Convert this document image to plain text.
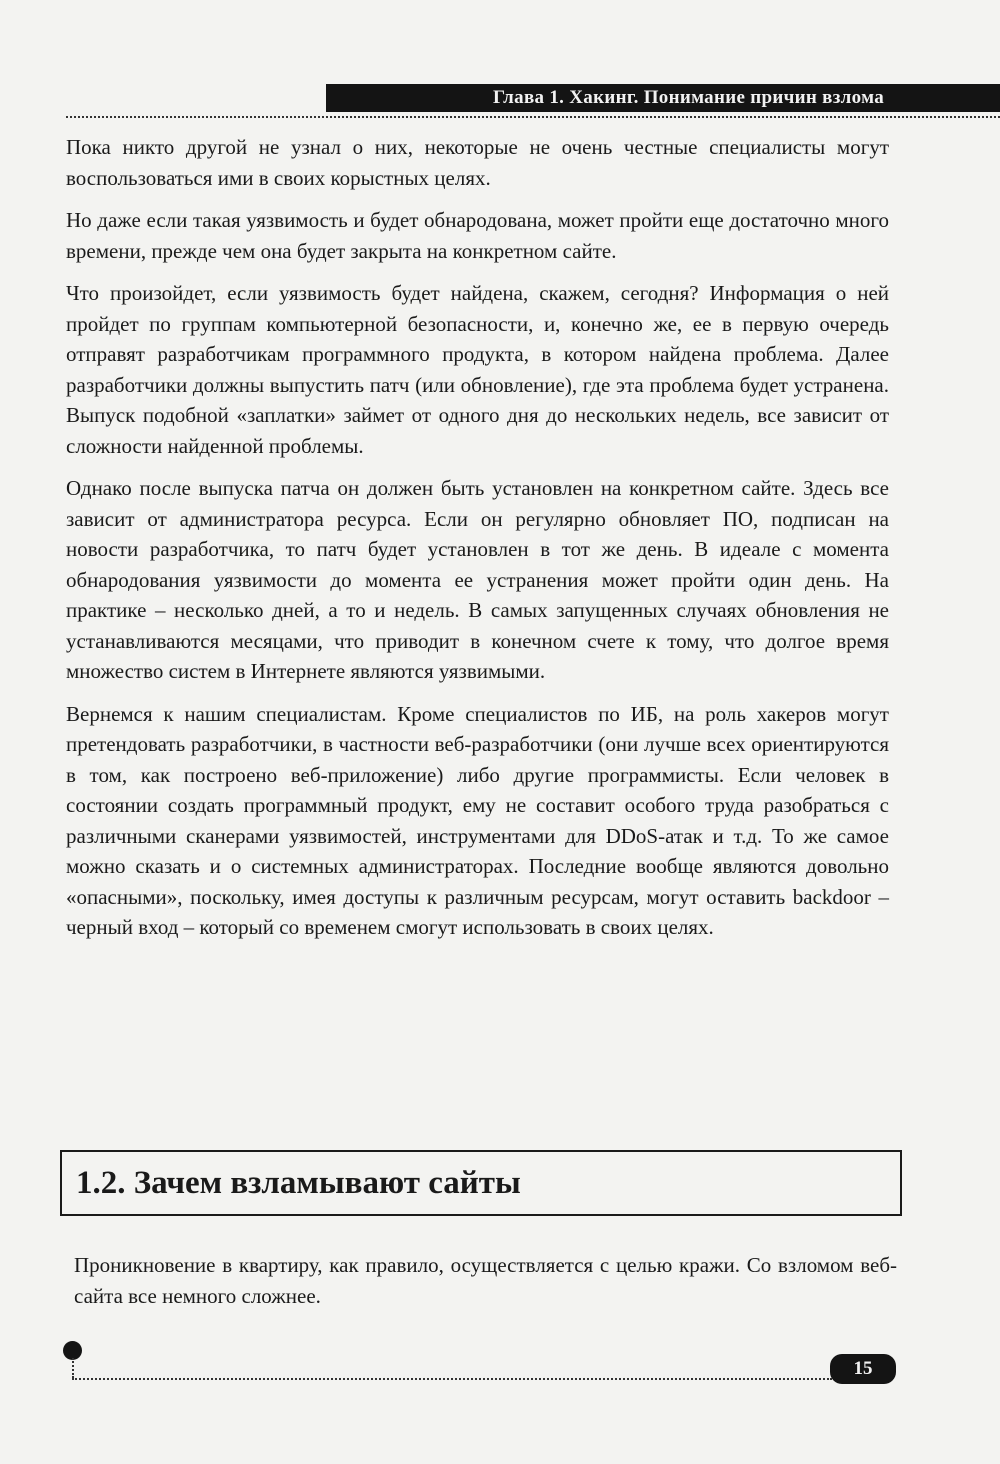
Глава 1. Хакинг. Понимание причин взлома

Пока никто другой не узнал о них, некоторые не очень честные специалисты могут воспользоваться ими в своих корыстных целях.

Но даже если такая уязвимость и будет обнародована, может пройти еще достаточно много времени, прежде чем она будет закрыта на конкретном сайте.

Что произойдет, если уязвимость будет найдена, скажем, сегодня? Информация о ней пройдет по группам компьютерной безопасности, и, конечно же, ее в первую очередь отправят разработчикам программного продукта, в котором найдена проблема. Далее разработчики должны выпустить патч (или обновление), где эта проблема будет устранена. Выпуск подобной «заплатки» займет от одного дня до нескольких недель, все зависит от сложности найденной проблемы.

Однако после выпуска патча он должен быть установлен на конкретном сайте. Здесь все зависит от администратора ресурса. Если он регулярно обновляет ПО, подписан на новости разработчика, то патч будет установлен в тот же день. В идеале с момента обнародования уязвимости до момента ее устранения может пройти один день. На практике – несколько дней, а то и недель. В самых запущенных случаях обновления не устанавливаются месяцами, что приводит в конечном счете к тому, что долгое время множество систем в Интернете являются уязвимыми.

Вернемся к нашим специалистам. Кроме специалистов по ИБ, на роль хакеров могут претендовать разработчики, в частности веб-разработчики (они лучше всех ориентируются в том, как построено веб-приложение) либо другие программисты. Если человек в состоянии создать программный продукт, ему не составит особого труда разобраться с различными сканерами уязвимостей, инструментами для DDoS-атак и т.д. То же самое можно сказать и о системных администраторах. Последние вообще являются довольно «опасными», поскольку, имея доступы к различным ресурсам, могут оставить backdoor – черный вход – который со временем смогут использовать в своих целях.

1.2. Зачем взламывают сайты

Проникновение в квартиру, как правило, осуществляется с целью кражи. Со взломом веб-сайта все немного сложнее.

15
